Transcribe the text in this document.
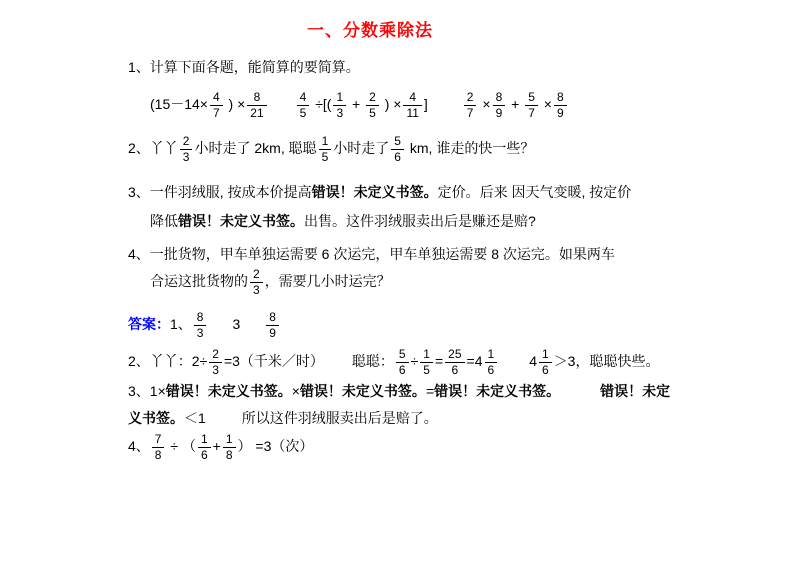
一、分数乘除法
1、计算下面各题，能简算的要简算。
($15-14\times \frac{4}{7}$ ) × $\frac{8}{21}$	$\frac{4}{5}$ ÷[( $\frac{1}{3} + \frac{2}{5}$ ) × $\frac{4}{11}$ ]	$\frac{2}{7} \times \frac{8}{9} + \frac{5}{7} \times \frac{8}{9}$
2、丫丫 $\frac{2}{3}$ 小时走了 2km, 聪聪 $\frac{1}{5}$ 小时走了 $\frac{5}{6}$ km, 谁走的快一些？
3、一件羽绒服, 按成本价提高错误！未定义书签。定价。后来 因天气变暖, 按定价
降低错误！未定义书签。出售。这件羽绒服卖出后是赚还是赔?
4、一批货物，甲车单独运需要 6 次运完，甲车单独运需要 8 次运完。如果两车
合运这批货物的 $\frac{2}{3}$ ，需要几小时运完？
答案：1、 $\frac{8}{3} 3 \frac{8}{9}$
2、丫丫：$2\div \frac{2}{3} =3$（千米／时） 聪聪： $\frac{5}{6} \div \frac{1}{5} = \frac{25}{6} =4 \frac{1}{6} 4 \frac{1}{6} >3$，聪聪快些。
3、1×错误！未定义书签。×错误！未定义书签。=错误！未定义书签。	错误！未定
义书签。＜1	所以这件羽绒服卖出后是赔了。
4、 $\frac{7}{8}$ ÷ （ $\frac{1}{6} + \frac{1}{8}$ ） =3（次）
